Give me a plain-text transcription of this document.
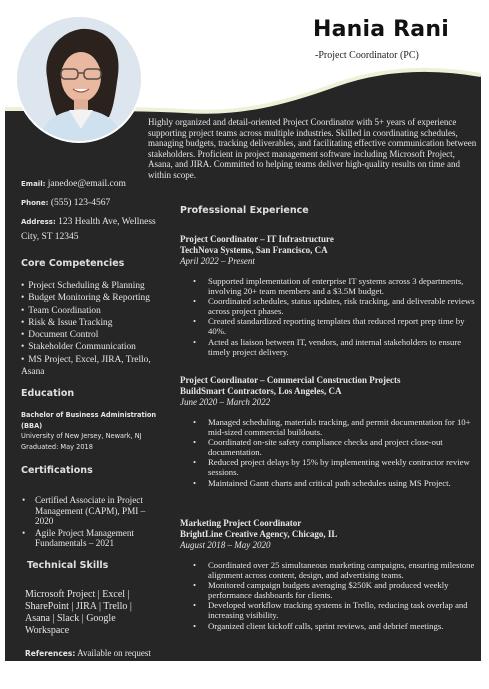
Hania Rani
-Project Coordinator (PC)
Highly organized and detail-oriented Project Coordinator with 5+ years of experience supporting project teams across multiple industries. Skilled in coordinating schedules, managing budgets, tracking deliverables, and facilitating effective communication between stakeholders. Proficient in project management software including Microsoft Project, Asana, and JIRA. Committed to helping teams deliver high-quality results on time and within scope.
Email: janedoe@email.com
Phone: (555) 123-4567
Address: 123 Health Ave, Wellness City, ST 12345
Core Competencies
• Project Scheduling & Planning
• Budget Monitoring & Reporting
• Team Coordination
• Risk & Issue Tracking
• Document Control
• Stakeholder Communication
• MS Project, Excel, JIRA, Trello, Asana
Education
Bachelor of Business Administration (BBA)
University of New Jersey, Newark, NJ
Graduated: May 2018
Certifications
• Certified Associate in Project Management (CAPM), PMI – 2020
• Agile Project Management Fundamentals – 2021
Technical Skills
Microsoft Project | Excel | SharePoint | JIRA | Trello | Asana | Slack | Google Workspace
References: Available on request
Professional Experience
Project Coordinator – IT Infrastructure
TechNova Systems, San Francisco, CA
April 2022 – Present
• Supported implementation of enterprise IT systems across 3 departments, involving 20+ team members and a $3.5M budget.
• Coordinated schedules, status updates, risk tracking, and deliverable reviews across project phases.
• Created standardized reporting templates that reduced report prep time by 40%.
• Acted as liaison between IT, vendors, and internal stakeholders to ensure timely project delivery.
Project Coordinator – Commercial Construction Projects
BuildSmart Contractors, Los Angeles, CA
June 2020 – March 2022
• Managed scheduling, materials tracking, and permit documentation for 10+ mid-sized commercial buildouts.
• Coordinated on-site safety compliance checks and project close-out documentation.
• Reduced project delays by 15% by implementing weekly contractor review sessions.
• Maintained Gantt charts and critical path schedules using MS Project.
Marketing Project Coordinator
BrightLine Creative Agency, Chicago, IL
August 2018 – May 2020
• Coordinated over 25 simultaneous marketing campaigns, ensuring milestone alignment across content, design, and advertising teams.
• Monitored campaign budgets averaging $250K and produced weekly performance dashboards for clients.
• Developed workflow tracking systems in Trello, reducing task overlap and increasing visibility.
• Organized client kickoff calls, sprint reviews, and debrief meetings.
